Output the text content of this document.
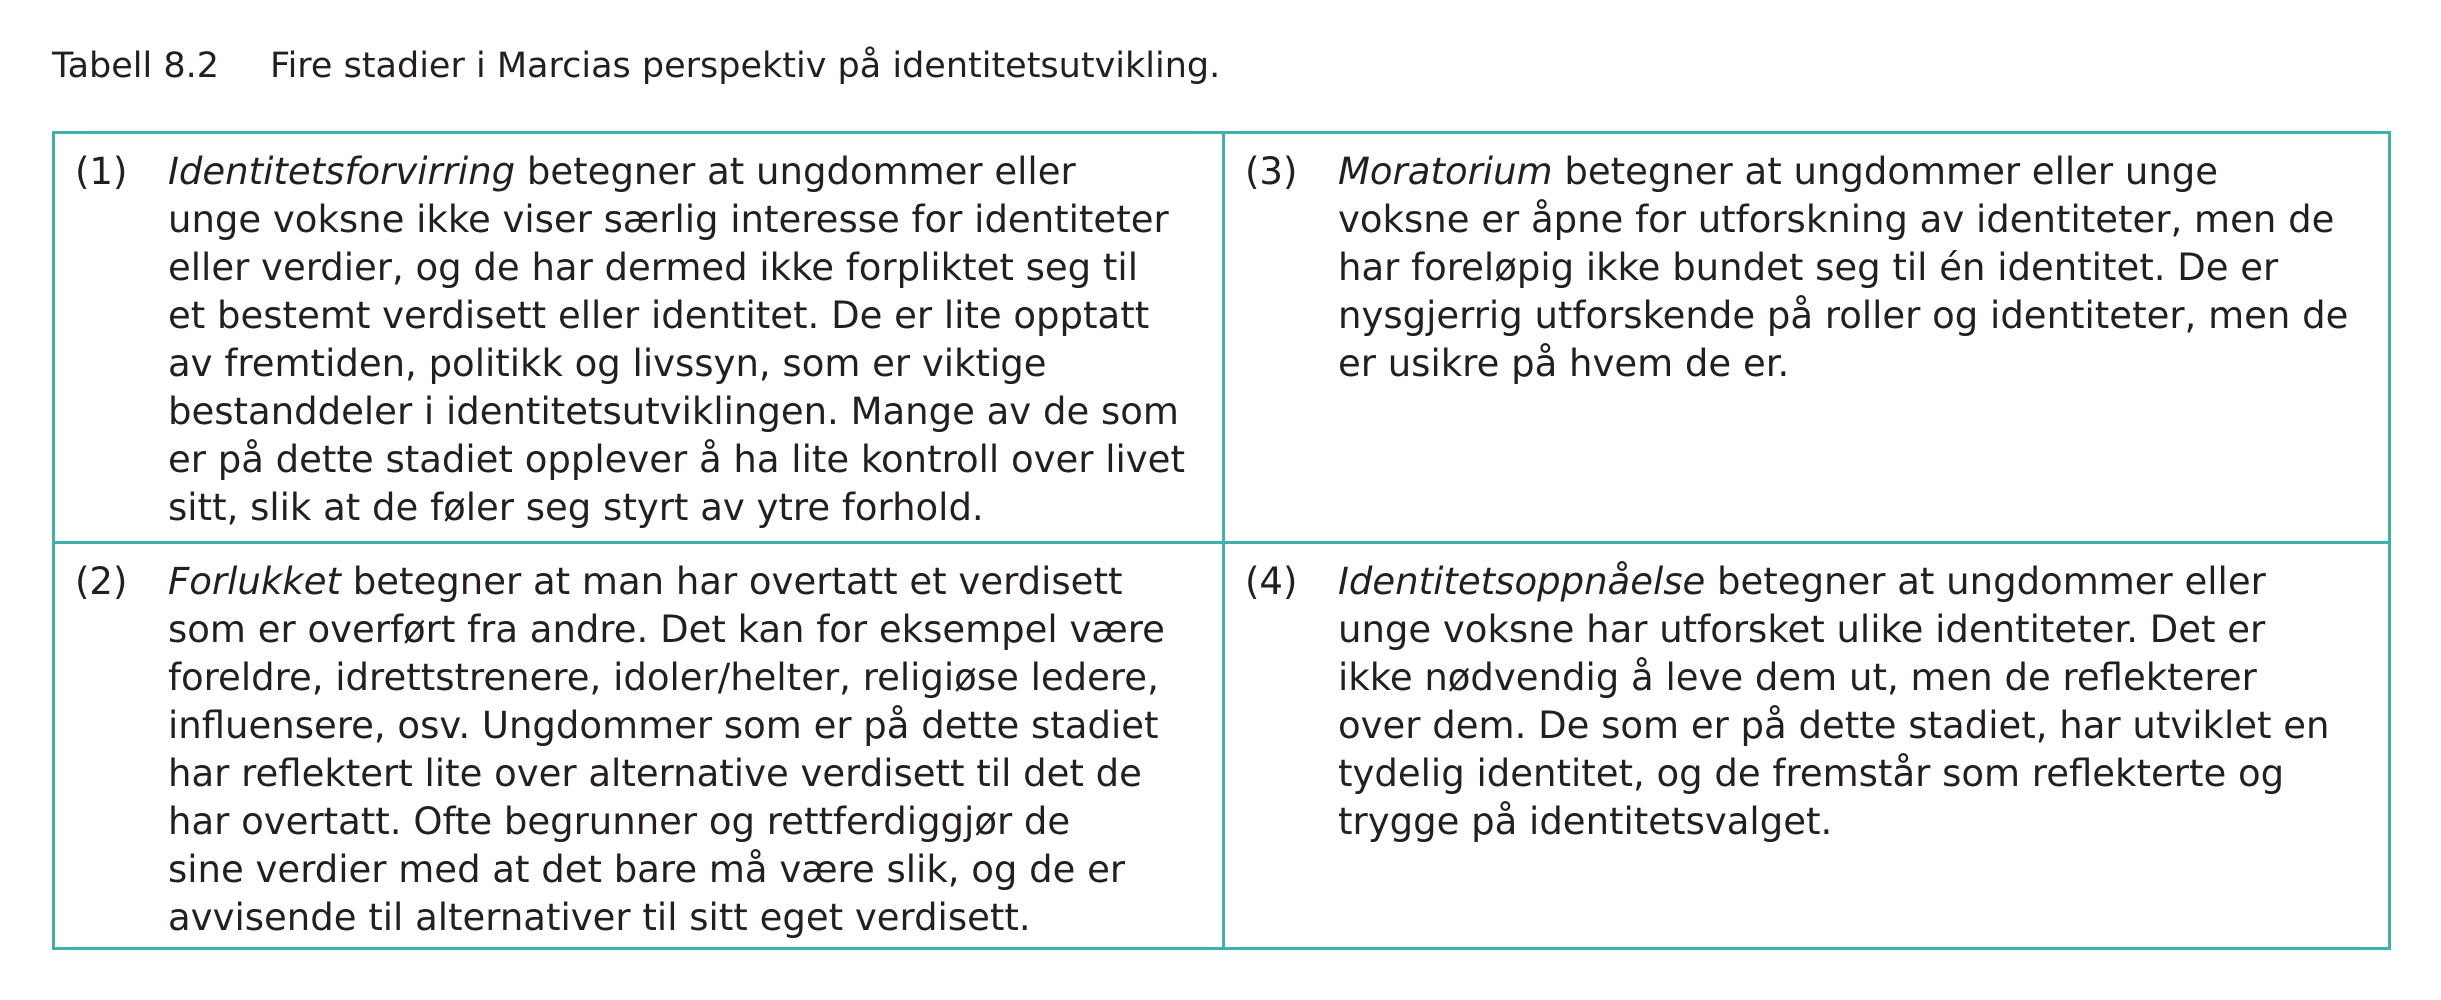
Tabell 8.2 Fire stadier i Marcias perspektiv på identitetsutvikling.
(1) Identitetsforvirring betegner at ungdommer eller
unge voksne ikke viser særlig interesse for identiteter
eller verdier, og de har dermed ikke forpliktet seg til
et bestemt verdisett eller identitet. De er lite opptatt
av fremtiden, politikk og livssyn, som er viktige
bestanddeler i identitetsutviklingen. Mange av de som
er på dette stadiet opplever å ha lite kontroll over livet
sitt, slik at de føler seg styrt av ytre forhold.
(3) Moratorium betegner at ungdommer eller unge
voksne er åpne for utforskning av identiteter, men de
har foreløpig ikke bundet seg til én identitet. De er
nysgjerrig utforskende på roller og identiteter, men de
er usikre på hvem de er.
(2) Forlukket betegner at man har overtatt et verdisett
som er overført fra andre. Det kan for eksempel være
foreldre, idrettstrenere, idoler/helter, religiøse ledere,
influensere, osv. Ungdommer som er på dette stadiet
har reflektert lite over alternative verdisett til det de
har overtatt. Ofte begrunner og rettferdiggjør de
sine verdier med at det bare må være slik, og de er
avvisende til alternativer til sitt eget verdisett.
(4) Identitetsoppnåelse betegner at ungdommer eller
unge voksne har utforsket ulike identiteter. Det er
ikke nødvendig å leve dem ut, men de reflekterer
over dem. De som er på dette stadiet, har utviklet en
tydelig identitet, og de fremstår som reflekterte og
trygge på identitetsvalget.
